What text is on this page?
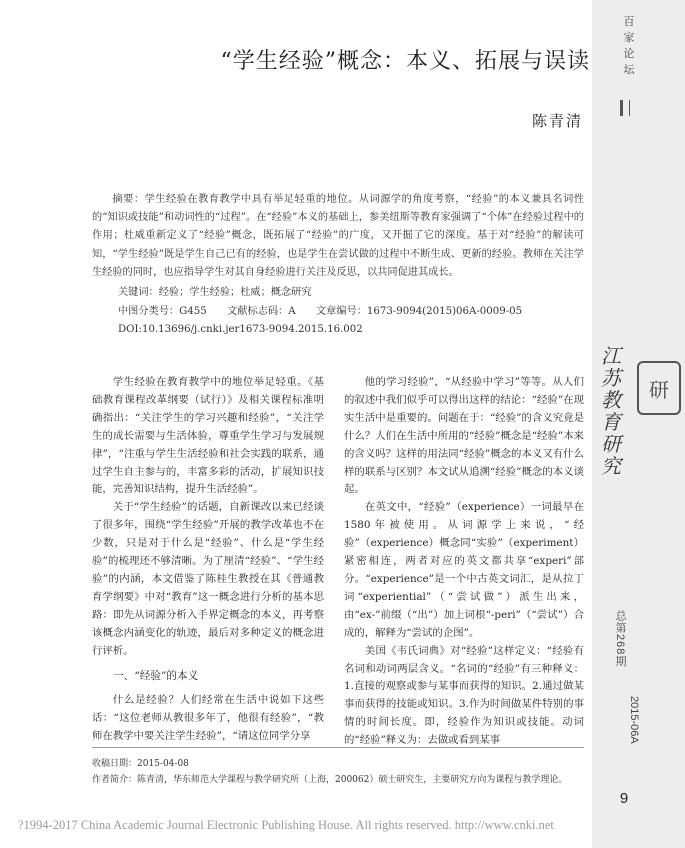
百
家
论
坛
江
苏
教
育
研
究
研
总第268期
2015-06A
9
“学生经验”概念：本义、拓展与误读
陈青清
摘要：学生经验在教育教学中具有举足轻重的地位。从词源学的角度考察，“经验”的本义兼具名词性的“知识或技能”和动词性的“过程”。在“经验”本义的基础上，参美纽斯等教育家强调了“个体”在经验过程中的作用；杜威重新定义了“经验”概念，既拓展了“经验”的广度，又开掘了它的深度。基于对“经验”的解读可知，“学生经验”既是学生自己已有的经验，也是学生在尝试做的过程中不断生成、更新的经验。教师在关注学生经验的同时，也应指导学生对其自身经验进行关注及反思，以共同促进其成长。
关键词：经验；学生经验；杜威；概念研究
中图分类号：G455　　文献标志码：A　　文章编号：1673-9094(2015)06A-0009-05
DOI:10.13696/j.cnki.jer1673-9094.2015.16.002

学生经验在教育教学中的地位举足轻重。《基础教育课程改革纲要（试行）》及相关课程标准明确指出：“关注学生的学习兴趣和经验”，“关注学生的成长需要与生活体验，尊重学生学习与发展规律”，“注重与学生生活经验和社会实践的联系，通过学生自主参与的，丰富多彩的活动，扩展知识技能，完善知识结构，提升生活经验”。

关于“学生经验”的话题，自新课改以来已经谈了很多年，围绕“学生经验”开展的教学改革也不在少数，只是对于什么是“经验”、什么是“学生经验”的梳理还不够清晰。为了厘清“经验”、“学生经验”的内涵，本文借鉴了陈桂生教授在其《普通教育学纲要》中对“教育”这一概念进行分析的基本思路：即先从词源分析入手界定概念的本义，再考察该概念内涵变化的轨迹，最后对多种定义的概念进行评析。

一、“经验”的本义

什么是经验？人们经常在生活中说如下这些话：“这位老师从教很多年了，他很有经验”，“教师在教学中要关注学生经验”，“请这位同学分享

他的学习经验”，“从经验中学习”等等。从人们的叙述中我们似乎可以得出这样的结论：“经验”在现实生活中是重要的。问题在于：“经验”的含义究竟是什么？人们在生活中所用的“经验”概念是“经验”本来的含义吗？这样的用法同“经验”概念的本义又有什么样的联系与区别？本文试从追溯“经验”概念的本义谈起。

在英文中，“经验”（experience）一词最早在1580年被使用。从词源学上来说，“经验”（experience）概念同“实验”（experiment）紧密相连，两者对应的英文都共享“experi”部分。“experience”是一个中古英文词汇，是从拉丁词“experiential”（“尝试做”）派生出来，由“ex-”前缀（“出”）加上词根“-peri”（“尝试”）合成的，解释为“尝试的企图”。

美国《韦氏词典》对“经验”这样定义：“经验有名词和动词两层含义。“名词的“经验”有三种释义：1.直接的观察或参与某事而获得的知识。2.通过做某事而获得的技能或知识。3.作为时间做某件特别的事情的时间长度。即，经验作为知识或技能。动词的“经验”释义为：去做或看到某事

收稿日期：2015-04-08
作者简介：陈青清，华东师范大学课程与教学研究所（上海，200062）硕士研究生，主要研究方向为课程与教学理论。
?1994-2017 China Academic Journal Electronic Publishing House. All rights reserved. http://www.cnki.net
